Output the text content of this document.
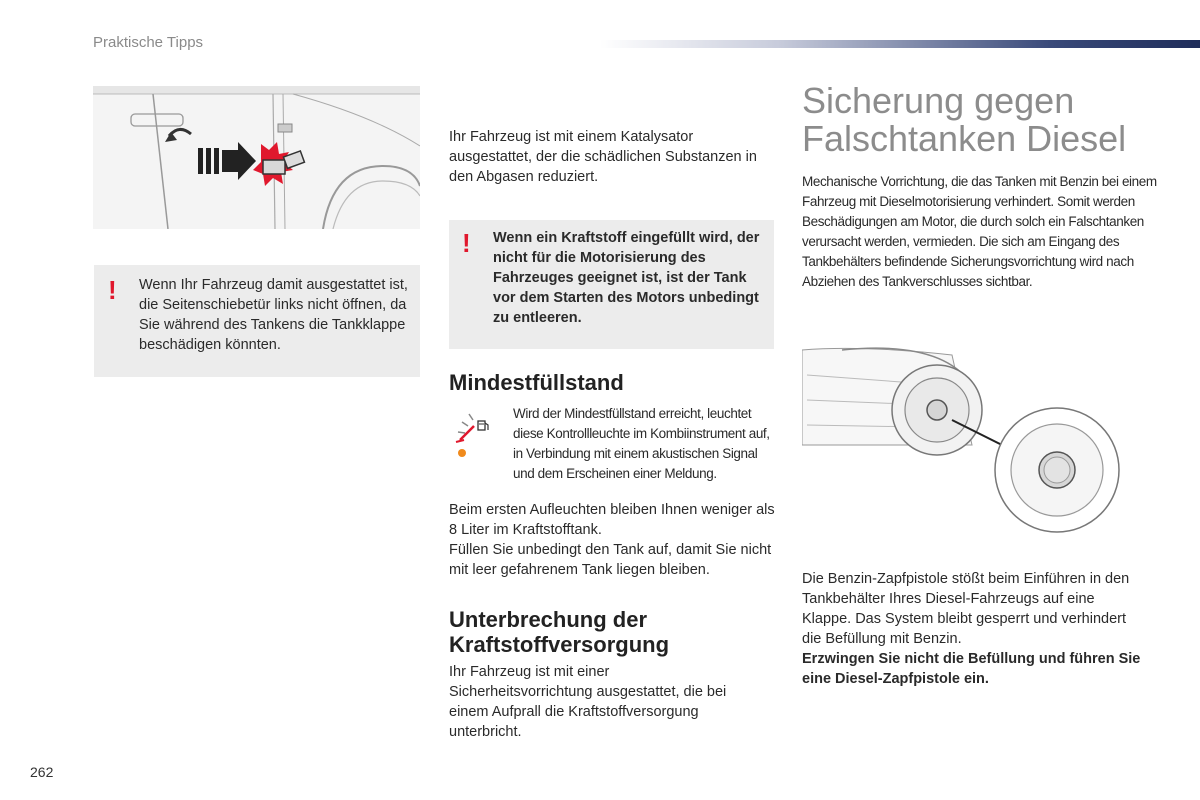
Praktische Tipps
! Wenn Ihr Fahrzeug damit ausgestattet ist, die Seitenschiebetür links nicht öffnen, da Sie während des Tankens die Tankklappe beschädigen könnten.
Ihr Fahrzeug ist mit einem Katalysator ausgestattet, der die schädlichen Substanzen in den Abgasen reduziert.
! Wenn ein Kraftstoff eingefüllt wird, der nicht für die Motorisierung des Fahrzeuges geeignet ist, ist der Tank vor dem Starten des Motors unbedingt zu entleeren.
Mindestfüllstand
Wird der Mindestfüllstand erreicht, leuchtet diese Kontrollleuchte im Kombiinstrument auf, in Verbindung mit einem akustischen Signal und dem Erscheinen einer Meldung.
Beim ersten Aufleuchten bleiben Ihnen weniger als 8 Liter im Kraftstofftank.
Füllen Sie unbedingt den Tank auf, damit Sie nicht mit leer gefahrenem Tank liegen bleiben.
Unterbrechung der
Kraftstoffversorgung
Ihr Fahrzeug ist mit einer Sicherheitsvorrichtung ausgestattet, die bei einem Aufprall die Kraftstoffversorgung unterbricht.
Sicherung gegen
Falschtanken Diesel
Mechanische Vorrichtung, die das Tanken mit Benzin bei einem Fahrzeug mit Dieselmotorisierung verhindert. Somit werden Beschädigungen am Motor, die durch solch ein Falschtanken verursacht werden, vermieden. Die sich am Eingang des Tankbehälters befindende Sicherungsvorrichtung wird nach Abziehen des Tankverschlusses sichtbar.
Die Benzin-Zapfpistole stößt beim Einführen in den Tankbehälter Ihres Diesel-Fahrzeugs auf eine Klappe. Das System bleibt gesperrt und verhindert die Befüllung mit Benzin.
Erzwingen Sie nicht die Befüllung und führen Sie eine Diesel-Zapfpistole ein.
262
